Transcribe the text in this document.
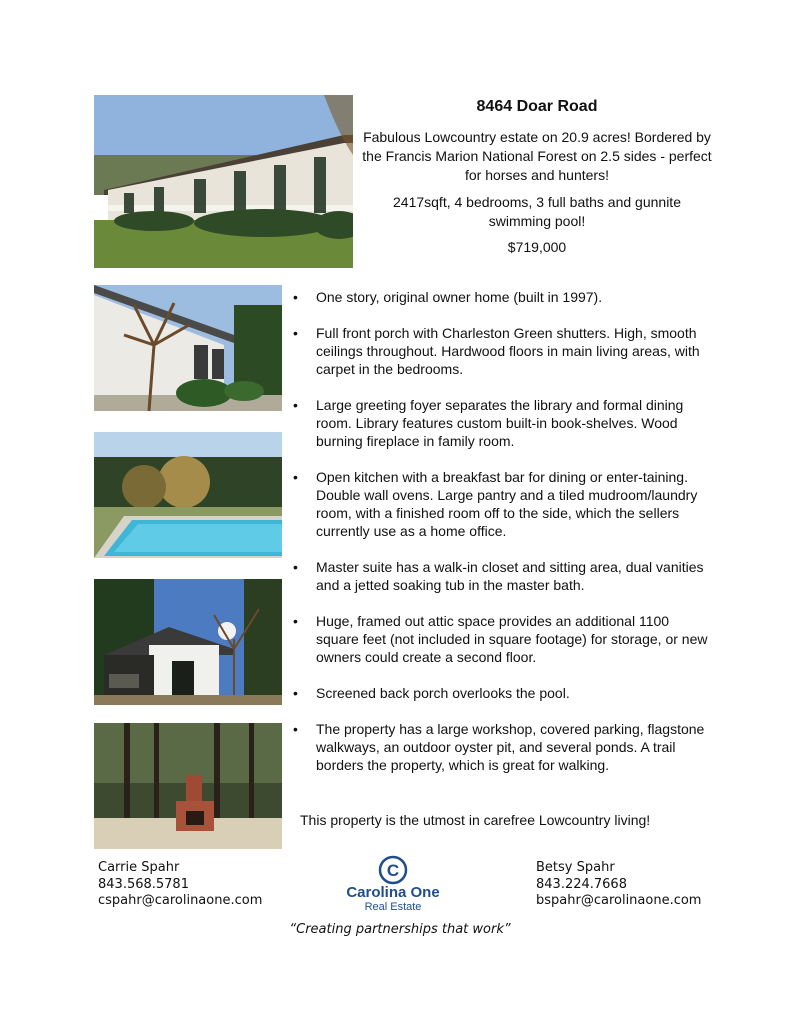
8464 Doar Road
Fabulous Lowcountry estate on 20.9 acres! Bordered by the Francis Marion National Forest on 2.5 sides - perfect for horses and hunters!
2417sqft, 4 bedrooms, 3 full baths and gunnite swimming pool!
$719,000
• One story, original owner home (built in 1997).
• Full front porch with Charleston Green shutters. High, smooth ceilings throughout. Hardwood floors in main living areas, with carpet in the bedrooms.
• Large greeting foyer separates the library and formal dining room. Library features custom built-in book-shelves. Wood burning fireplace in family room.
• Open kitchen with a breakfast bar for dining or enter-taining. Double wall ovens. Large pantry and a tiled mudroom/laundry room, with a finished room off to the side, which the sellers currently use as a home office.
• Master suite has a walk-in closet and sitting area, dual vanities and a jetted soaking tub in the master bath.
• Huge, framed out attic space provides an additional 1100 square feet (not included in square footage) for storage, or new owners could create a second floor.
• Screened back porch overlooks the pool.
• The property has a large workshop, covered parking, flagstone walkways, an outdoor oyster pit, and several ponds. A trail borders the property, which is great for walking.
This property is the utmost in carefree Lowcountry living!
Carrie Spahr
843.568.5781
cspahr@carolinaone.com
C
Carolina One
Real Estate
Betsy Spahr
843.224.7668
bspahr@carolinaone.com
“Creating partnerships that work”
